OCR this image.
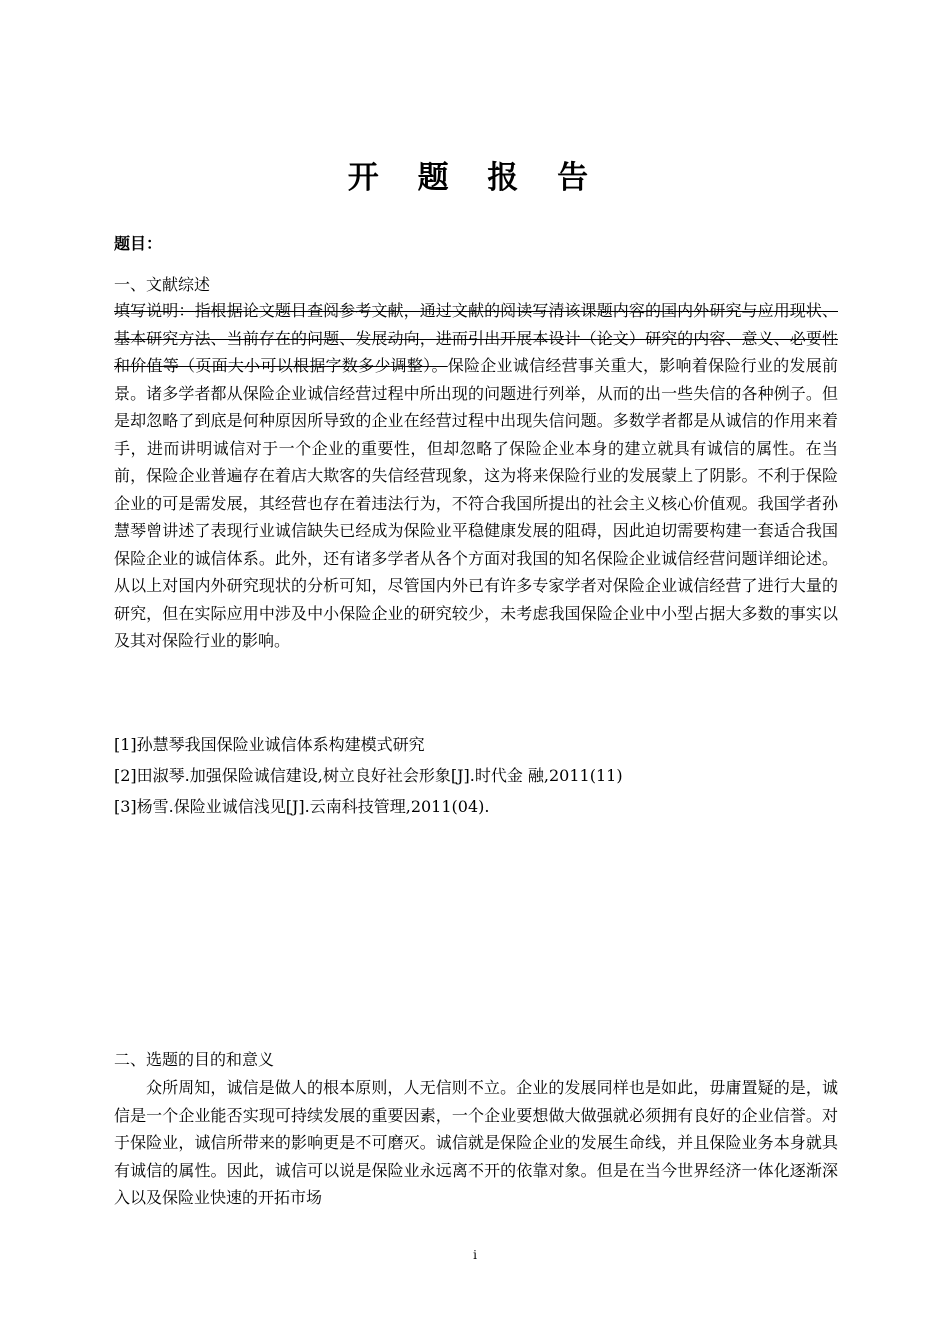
开 题 报 告

题目：

一、文献综述

填写说明：指根据论文题目查阅参考文献，通过文献的阅读写清该课题内容的国内外研究与应用现状、基本研究方法、当前存在的问题、发展动向，进而引出开展本设计（论文）研究的内容、意义、必要性和价值等（页面大小可以根据字数多少调整）。保险企业诚信经营事关重大，影响着保险行业的发展前景。诸多学者都从保险企业诚信经营过程中所出现的问题进行列举，从而的出一些失信的各种例子。但是却忽略了到底是何种原因所导致的企业在经营过程中出现失信问题。多数学者都是从诚信的作用来着手，进而讲明诚信对于一个企业的重要性，但却忽略了保险企业本身的建立就具有诚信的属性。在当前，保险企业普遍存在着店大欺客的失信经营现象，这为将来保险行业的发展蒙上了阴影。不利于保险企业的可是需发展，其经营也存在着违法行为，不符合我国所提出的社会主义核心价值观。我国学者孙慧琴曾讲述了表现行业诚信缺失已经成为保险业平稳健康发展的阻碍，因此迫切需要构建一套适合我国保险企业的诚信体系。此外，还有诸多学者从各个方面对我国的知名保险企业诚信经营问题详细论述。从以上对国内外研究现状的分析可知，尽管国内外已有许多专家学者对保险企业诚信经营了进行大量的研究，但在实际应用中涉及中小保险企业的研究较少，未考虑我国保险企业中小型占据大多数的事实以及其对保险行业的影响。

[1]孙慧琴我国保险业诚信体系构建模式研究
[2]田淑琴.加强保险诚信建设,树立良好社会形象[J].时代金 融,2011(11)
[3]杨雪.保险业诚信浅见[J].云南科技管理,2011(04).

二、选题的目的和意义

众所周知，诚信是做人的根本原则，人无信则不立。企业的发展同样也是如此，毋庸置疑的是，诚信是一个企业能否实现可持续发展的重要因素，一个企业要想做大做强就必须拥有良好的企业信誉。对于保险业，诚信所带来的影响更是不可磨灭。诚信就是保险企业的发展生命线，并且保险业务本身就具有诚信的属性。因此，诚信可以说是保险业永远离不开的依靠对象。但是在当今世界经济一体化逐渐深入以及保险业快速的开拓市场

i
